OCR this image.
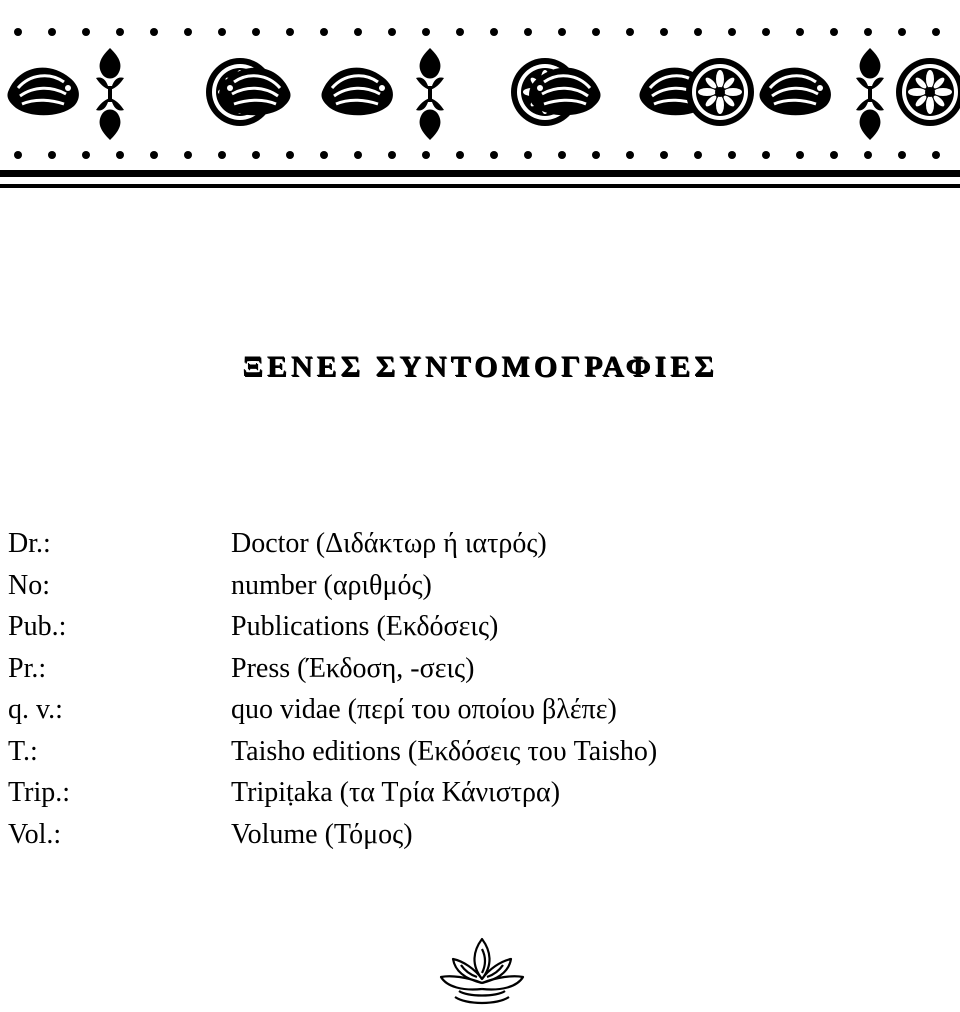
ΞΕΝΕΣ ΣΥΝΤΟΜΟΓΡΑΦΙΕΣ
Dr.:	Doctor (Διδάκτωρ ή ιατρός)
No:	number (αριθμός)
Pub.:	Publications (Εκδόσεις)
Pr.:	Press (Έκδοση, -σεις)
q. v.:	quo vidae (περί του οποίου βλέπε)
T.:	Taisho editions (Εκδόσεις του Taisho)
Trip.:	Tripiṭaka (τα Τρία Κάνιστρα)
Vol.:	Volume (Τόμος)
